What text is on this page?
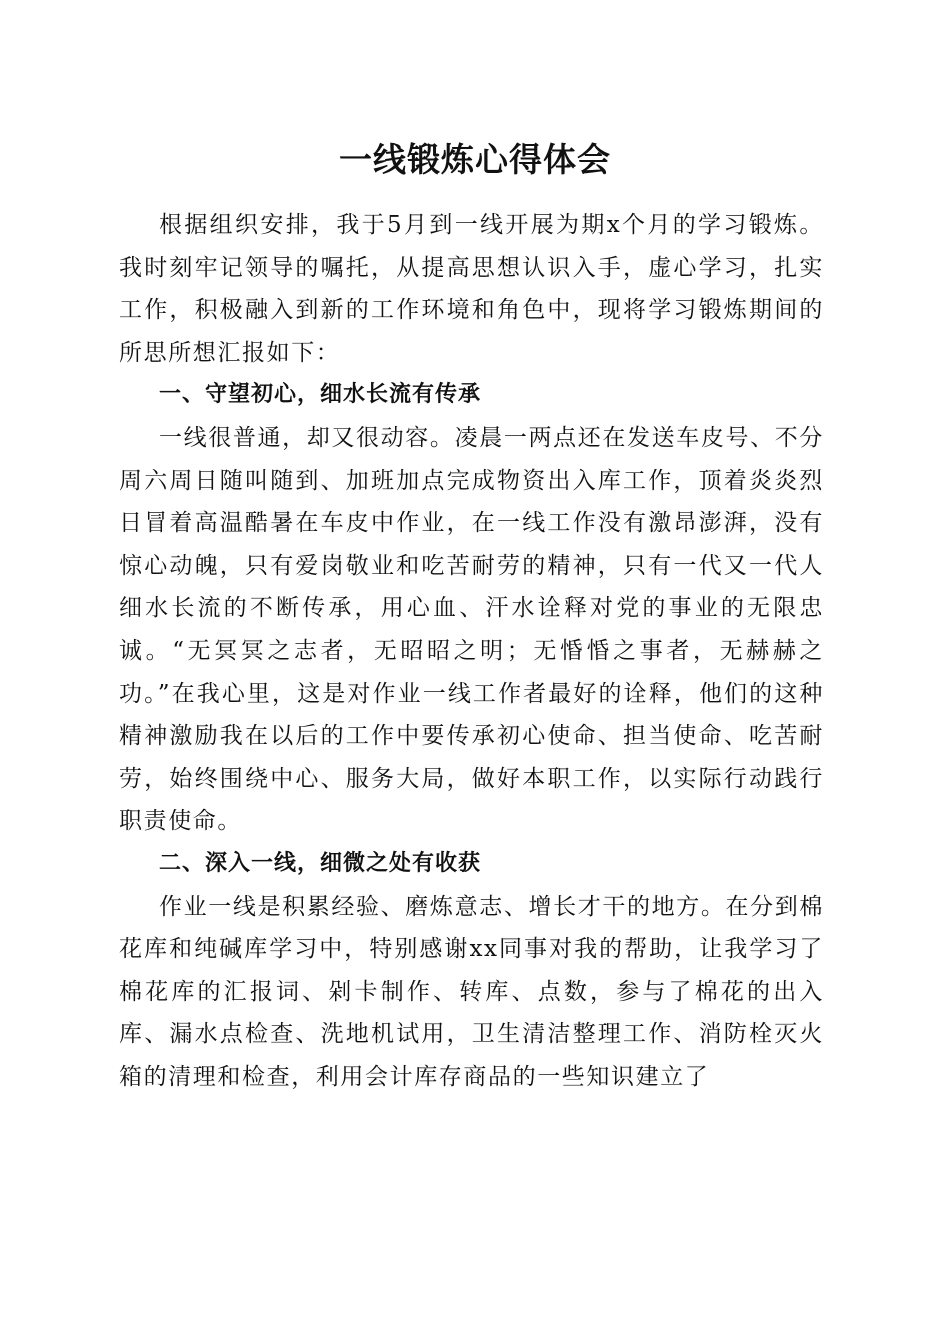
一线锻炼心得体会

根据组织安排，我于5月到一线开展为期x个月的学习锻炼。我时刻牢记领导的嘱托，从提高思想认识入手，虚心学习，扎实工作，积极融入到新的工作环境和角色中，现将学习锻炼期间的所思所想汇报如下：

一、守望初心，细水长流有传承

一线很普通，却又很动容。凌晨一两点还在发送车皮号、不分周六周日随叫随到、加班加点完成物资出入库工作，顶着炎炎烈日冒着高温酷暑在车皮中作业，在一线工作没有激昂澎湃，没有惊心动魄，只有爱岗敬业和吃苦耐劳的精神，只有一代又一代人细水长流的不断传承，用心血、汗水诠释对党的事业的无限忠诚。“无冥冥之志者，无昭昭之明；无惛惛之事者，无赫赫之功。”在我心里，这是对作业一线工作者最好的诠释，他们的这种精神激励我在以后的工作中要传承初心使命、担当使命、吃苦耐劳，始终围绕中心、服务大局，做好本职工作，以实际行动践行职责使命。

二、深入一线，细微之处有收获

作业一线是积累经验、磨炼意志、增长才干的地方。在分到棉花库和纯碱库学习中，特别感谢xx同事对我的帮助，让我学习了棉花库的汇报词、剁卡制作、转库、点数，参与了棉花的出入库、漏水点检查、洗地机试用，卫生清洁整理工作、消防栓灭火箱的清理和检查，利用会计库存商品的一些知识建立了
